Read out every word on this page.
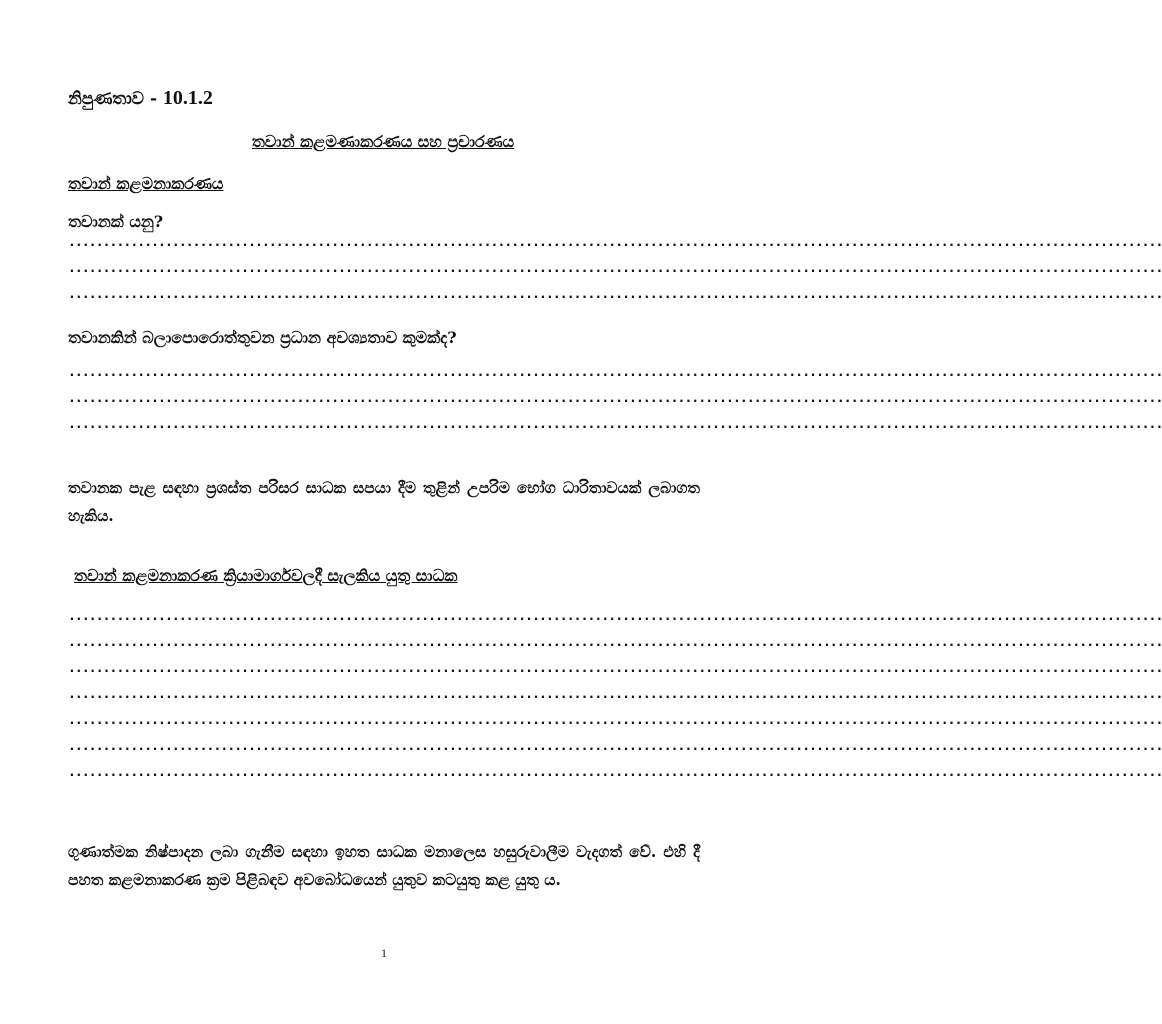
නිපුණතාව - 10.1.2
තවාන් කළමණාකරණය සහ ප්‍රචාරණය
තවාන් කළමනාකරණය
තවානක් යනු?
..............................................................................................................................................................
..............................................................................................................................................................
..............................................................................................................................................................
තවානකින් බලාපොරොත්තුවන ප්‍රධාන අවශ්‍යතාව කුමක්ද?
..............................................................................................................................................................
..............................................................................................................................................................
..............................................................................................................................................................
තවානක පැළ සඳහා ප්‍රශස්ත පරිසර සාධක සපයා දීම තුළින් උපරිම භෝග ධාරිතාවයක් ලබාගත හැකිය.
තවාන් කළමනාකරණ ක්‍රියාමාර්ගවලදී සැලකිය යුතු සාධක
..............................................................................................................................................................
..............................................................................................................................................................
..............................................................................................................................................................
..............................................................................................................................................................
..............................................................................................................................................................
..............................................................................................................................................................
..............................................................................................................................................................
ගුණාත්මක නිෂ්පාදන ලබා ගැනීම සඳහා ඉහත සාධක මනාලෙස හසුරුවාලීම වැදගත් වේ. එහි දී පහත කළමනාකරණ ක්‍රම පිළිබඳව අවබෝධයෙන් යුතුව කටයුතු කළ යුතු ය.
1
